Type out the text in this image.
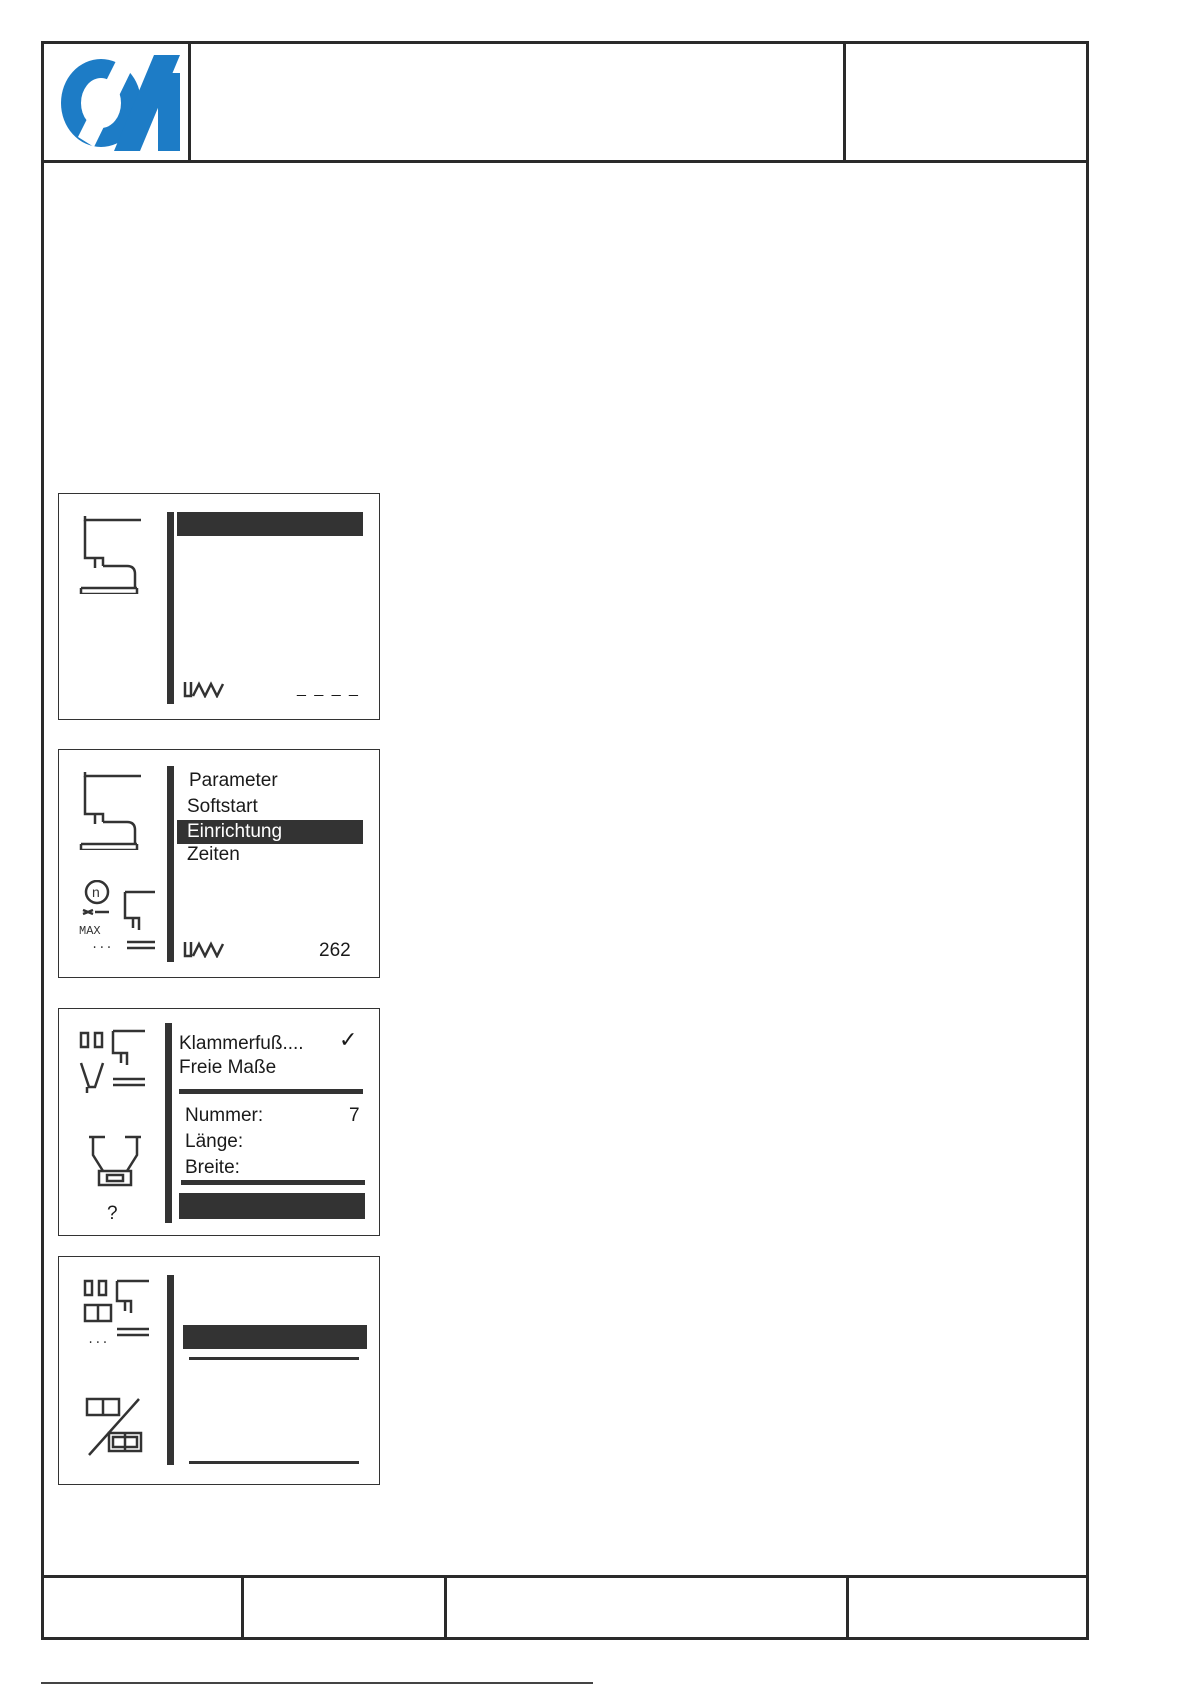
_ _ _ _
n
MAX
...
Parameter
Softstart
Einrichtung
Zeiten
262
?
Klammerfuß.... ✓
Freie Maße
Nummer:	7
Länge:
Breite:
...
